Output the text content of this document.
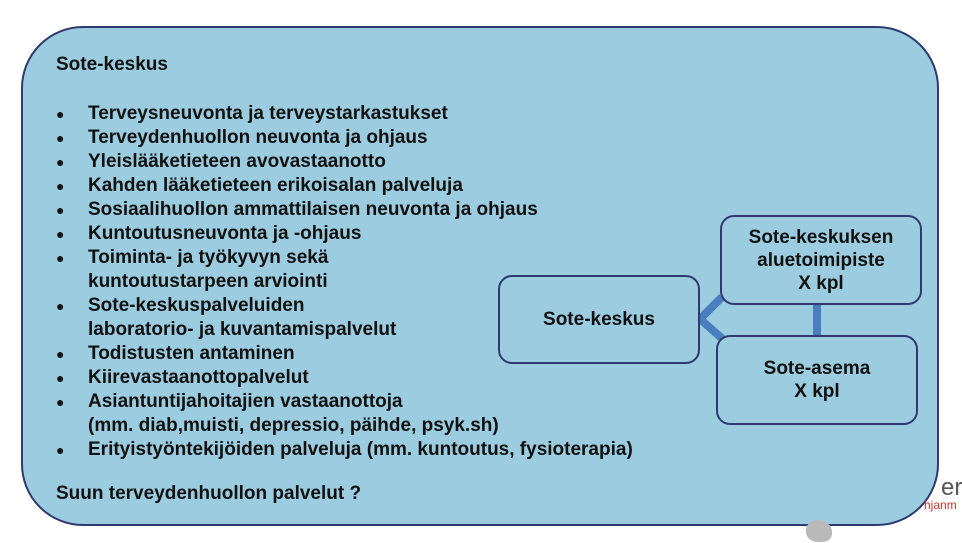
Sote-keskus
● Terveysneuvonta ja terveystarkastukset
● Terveydenhuollon neuvonta ja ohjaus
● Yleislääketieteen avovastaanotto
● Kahden lääketieteen erikoisalan palveluja
● Sosiaalihuollon ammattilaisen neuvonta ja ohjaus
● Kuntoutusneuvonta ja -ohjaus
● Toiminta- ja työkyvyn sekä
kuntoutustarpeen arviointi
● Sote-keskuspalveluiden
laboratorio- ja kuvantamispalvelut
● Todistusten antaminen
● Kiirevastaanottopalvelut
● Asiantuntijahoitajien vastaanottoja
(mm. diab,muisti, depressio, päihde, psyk.sh)
● Erityistyöntekijöiden palveluja (mm. kuntoutus, fysioterapia)
Suun terveydenhuollon palvelut ?
Sote-keskus
Sote-keskuksen
aluetoimipiste
X kpl
Sote-asema
X kpl
er
hjanm
